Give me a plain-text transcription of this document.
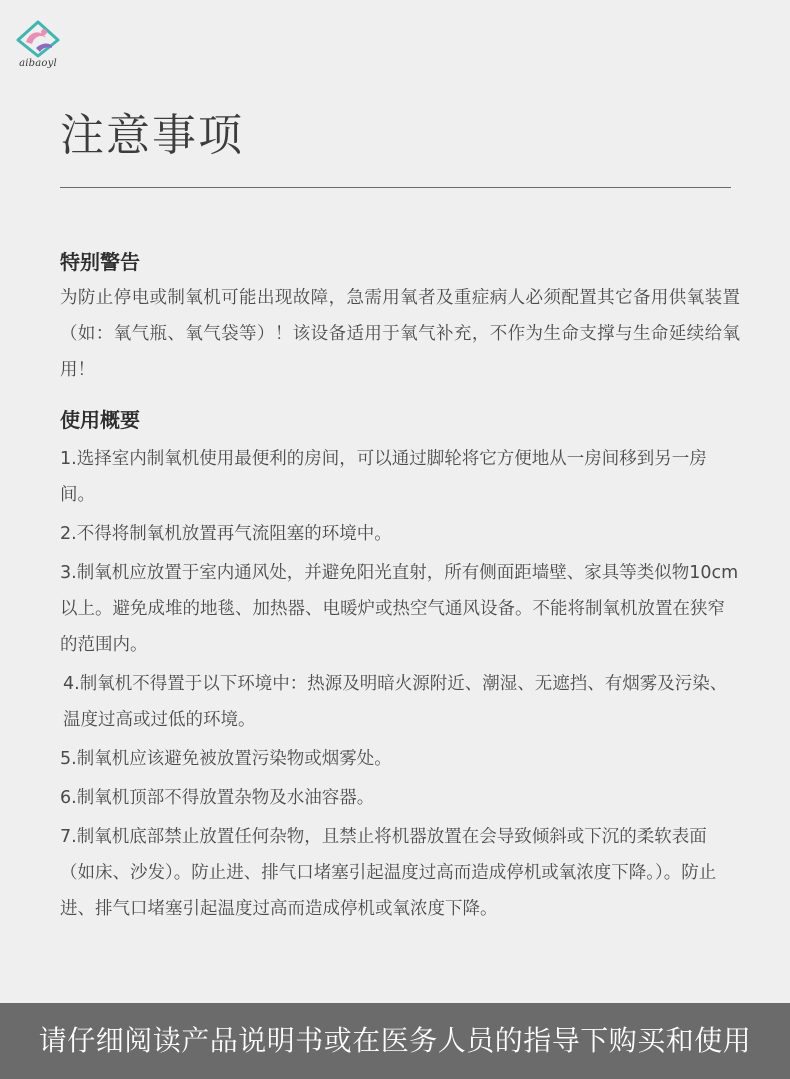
aibaoyl
注意事项
特别警告

为防止停电或制氧机可能出现故障，急需用氧者及重症病人必须配置其它备用供氧装置（如：氧气瓶、氧气袋等）！该设备适用于氧气补充，不作为生命支撑与生命延续给氧用！

使用概要
1.选择室内制氧机使用最便利的房间，可以通过脚轮将它方便地从一房间移到另一房间。
2.不得将制氧机放置再气流阻塞的环境中。
3.制氧机应放置于室内通风处，并避免阳光直射，所有侧面距墙壁、家具等类似物10cm以上。避免成堆的地毯、加热器、电暖炉或热空气通风设备。不能将制氧机放置在狭窄的范围内。
4.制氧机不得置于以下环境中：热源及明暗火源附近、潮湿、无遮挡、有烟雾及污染、温度过高或过低的环境。
5.制氧机应该避免被放置污染物或烟雾处。
6.制氧机顶部不得放置杂物及水油容器。
7.制氧机底部禁止放置任何杂物，且禁止将机器放置在会导致倾斜或下沉的柔软表面（如床、沙发）。防止进、排气口堵塞引起温度过高而造成停机或氧浓度下降。）。防止进、排气口堵塞引起温度过高而造成停机或氧浓度下降。
请仔细阅读产品说明书或在医务人员的指导下购买和使用
